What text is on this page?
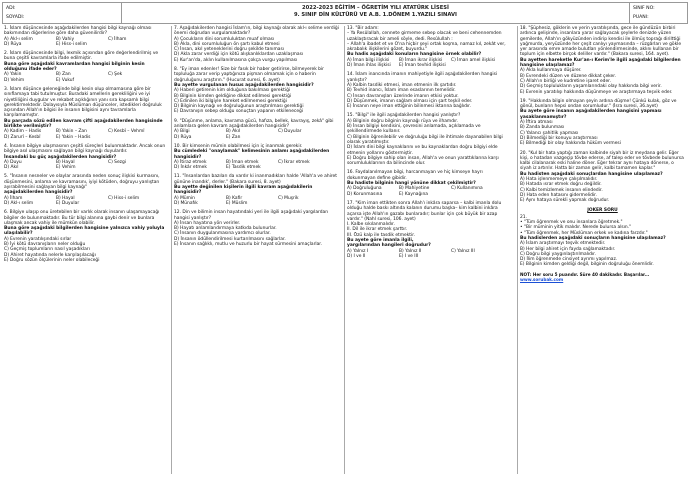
ADI:
SOYADI:
2022-2023 EĞİTİM – ÖĞRETİM YILI ATATÜRK LİSESİ
9. SINIF DİN KÜLTÜRÜ VE A.B. 1.DÖNEM 1.YAZILI SINAVI
SINIF NO:
PUANI:

1. İslam düşüncesinde aşağıdakilerden hangisi bilgi kaynağı olması bakımından diğerlerine göre daha güvenilirdir?

A) Akl-ı selim	B) Vahiy	C) İlham

D) Rüya	E) Hiss-i selim

2. İslam düşüncesinde bilgi, lexmik açısından göre değerlendirilmiş ve buna çeşitli kavramlarla ifade edilmiştir.

Buna göre aşağıdaki kavramlardan hangisi bilginin kesin olduğunu ifade eder?

A) Yakin	B) Zan	C) Şek

D) Vehim	E) Vukuf

3. İslam düşünce geleneğinde bilgi kesin olup olmamasına göre bir sınıflamaya tabi tutulmuştur. Buradaki amellerin gerekliliğini ve iyi niyetliliğini duygular ve rekabet açıklığının yanı sıra kapsamlı bilgi gerektirmektedir. Dolayısıyla Müslüman düşünceler, istedikleri doğruluk açısından Allah'ın bilgisi ile insanın bilgisini aynı tavramlarla karşılamamıştır.

Bu parçada sözü edilen kavram çifti aşağıdakilerden hangisinde birlikte verilmiştir?

A) Kadim – Hadis	B) Yakin – Zan	C) Kesbî – Vehmî

D) Zarurî – Kesbî	E) Yakin – Hadis

4. İnsanın bilgiye ulaşmasının çeşitli süreçleri bulunmaktadır. Ancak onun bilgiye asıl ulaşmasını sağlayan bilgi kaynağı duyulardır.

İnsandaki bu güç aşağıdakilerden hangisidir?

A) Duyu	B) Hayal	C) Sezgi

D) Akıl	E) Vehim

5. "İnsanın nesneler ve olaylar arasında neden sonuç ilişkisi kurmasını, düşünmesini, anlama ve kavramasını, iyiyi kötüden, doğruyu yanlıştan ayırabilmesini sağlayan bilgi kaynağı"

aşağıdakilerden hangisidir?

A) İlham	B) Hayal	C) Hiss-i selim

D) Akl-ı selim	E) Duyular

6. Bilgiye ulaşıp onu üretebilen bir varlık olarak insanın ulaşamayacağı bilgiler de bulunmaktadır. Bu tür bilgi alanına gaybi denir ve bunlara ulaşmak ancak vahiy ile mümkün olabilir.

Buna göre aşağıdaki bilgilerden hangisine yalnızca vahiy yoluyla ulaşılabilir?

A) Evrenin yaratılışındaki sırlar

B) İyi kötü davranışların neler olduğu

C) Geçmiş toplumların nasıl yaşadıkları

D) Ahiret hayatında nelerle karşılaşılacağı

E) Doğru sözün ölçülerinin neler olabileceği

7. Aşağıdakilerden hangisi İslam'ın, bilgi kaynağı olarak akl-ı selime verdiği önemi doğrudan vurgulamaktadır?

A) Çocukların dini sorumluluktan muaf olması

B) Akla, dini sorumluluğun ön şartı kabul etmesi

C) İnsan, akıl yeteneklerini doğru şekilde tanıması

D) Akla zarar verdiği için kötü alışkanlıklardan uzaklaşması

E) Kur'an'da, aklın kullanılmasına çokça vurgu yapılması

8. "Ey iman edenler! Size bir fasık bir haber getirirse, bilmeyerek bir topluluğa zarar verip yaptığınıza pişman olmamak için o haberin doğruluğunu araştırın." (Hucurat suresi, 6. ayet)

Bu ayette vurgulanan husus aşağıdakilerden hangisidir?

A) Haberi getirenin kim olduğuna bakılması gerektiği

B) Bilginin kimden geldiğine dikkat edilmesi gerektiği

C) Edinilen iki bilgiyle hareket edilmemesi gerektiği

D) Bilginin kaynağı ve doğruluğunun araştırılması gerektiği

E) Davranışın sebep olduğu sonuçtan yapanın etkileneceği

9. "Düşünme, anlama, kavrama gücü, hafıza, bellek, kavrayış, zekâ" gibi anlamlara gelen kavram aşağıdakilerden hangisidir?

A) Bilgi	B) Akıl	C) Duyular

D) Rüya	E) Zan

10. Bir kimsenin mümin olabilmesi için iç inanmak gerekir.

Bu cümledeki "onaylamak" kelimesinin anlamı aşağıdakilerden hangisidir?

A) İtiraz etmek	B) İman etmek	C) İkrar etmek

D) İnkâr etmek	E) Tasdik etmek

11. "İnsanlardan bazıları da vardır ki inanmadıkları halde 'Allah'a ve ahiret gününe inandık', derler." (Bakara suresi, 8. ayet)

Bu ayette değinilen kişilerin ilgili kavram aşağıdakilerin hangisidir?

A) Mümin	B) Kafir	C) Muşrik

D) Münafık	E) Müslim

12. Din ve bilimin insan hayatındaki yeri ile ilgili aşağıdaki yargılardan hangisi yanlıştır?

A) İnsan hayatına yön verirler.

B) Hayatı anlamlandırmaya katkıda bulunurlar.

C) İnsanın duygulanmasına yardımcı olurlar.

D) İnsanın ödüllendirilmesi kurtarılmasını sağlarlar.

E) İnsanın sağlıklı, mutlu ve huzurlu bir hayat sürmesini amaçlarlar.

13. "Bir adam:

– Ya Resûlallah, cennete girmeme sebep olacak ve beni cehennemden uzaklaştıracak bir ameli söyle, dedi. Resûlullah :

– Allah'a ibadet et ve O'na hiçbir şeyi ortak koşma, namaz kıl, zekât ver, akrabalık ilişkilerini gözet, buyurdu."

Bu hadis aşağıdaki konuların hangisine örnek olabilir?

A) İman bilgi ilişkisi B) İman ikrar ilişkisi C) İman amel ilişkisi

D) İman ihlas ilişkisi E) İman tevhid ilişkisi

14. İslam inancında imanın mahiyetiyle ilgili aşağıdakilerden hangisi yanlıştır?

A) Kalbin tasdiki etmesi, iman etmenin ilk şartıdır.

B) Tevhid inancı, İslam iman esaslarının temelidir.

C) İnsan davranışları üzerinde imanın etkisi yoktur.

D) Düşünmek, imanın sağlam olması için şart teşkil eder.

E) İnsanın neye iman ettiğinin bilinmesi iktarına bağlıdır.

15. "Bilgi" ile ilgili aşağıdakilerden hangisi yanlıştır?

A) Bilginin doğru bilginin kaynağı rüya ve ilhamdır.

B) İnsan bilgiyi kendisini, çevresini anlamada, açıklamada ve şekillendirmede kullanır.

C) Bilginin öğrenilebilir ve doğruluğu bilgi ile ihtimale dayanabilen bilgi olarak yaratılmıştır.

D) İslam dini bilgi kaynaklarını ve bu kaynaklardan doğru bilgiyi elde etmenin yollarını göstermiştir.

E) Doğru bilgiye sahip olan insan, Allah'a ve onun yarattıklarına karşı sorumluluklarının da bilincinde olur.

16. Faydalanılmayan bilgi, harcanmayan ve hiç kimseye hayrı dokunmayan define gibidir.

Bu hadiste bilginin hangi yönüne dikkat çekilmiştir?

A) Doğruluğuna	B) Mahiyetine	C) Kullanımına

D) Korunmasına	E) Kaynağına

17. "Kim iman ettikten sonra Allah'ı inkâra saparsa – kalbi imanla dolu olduğu halde baskı altında kalanın durumu başka– kim kalbini inkâra açarsa işte Allah'ın gazabı bunlaradır; bunlar için çok büyük bir azap vardır." (Nahl suresi, 106. ayet)

I. Kalbe sıkılanmalıdır.

II. Dil ile ikrar etmek şarttır.

III. Özü kalp ile tasdik etmektir.

Bu ayete göre imanla ilgili,

yargılarından hangileri doğrudur?

A) Yalnız I	B) Yalnız II	C) Yalnız III

D) I ve II	E) I ve III

18. "Şüphesiz, göklerin ve yerin yaratılışında, gece ile gündüzün birbiri ardınca gelişinde, insanlara yarar sağlayacak şeylerle denizde yüzen gemilerde, Allah'ın gökyüzünden indirip kendisi ile ölmüş toprağı dirilttiği yağmurda, yeryüzünde her çeşit canlıyı yaymasında – rüzgârları ve gökle yer arasında emre amade bulutları yönlendirmesinde, aklını kullanan bir toplum için elbette birçok deliller vardır." (Bakara suresi, 164. ayet).

Bu ayetten hareketle Kur'an-ı Kerim'le ilgili aşağıdaki bilgilerden hangisine ulaşılamaz?

A) Akla kullanmaya düşürer.

B) Evrendeki düzen ve düzene dikkat çeker.

C) Allah'ın birliği ve kudretine işaret eder.

D) Geçmiş toplulukların yaşamlarındaki olay hakkında bilgi verir.

E) Evrenin yaratılışı hakkında düşünmeye ve araştırmaya teşvik eder.

19. "Hakkında bilgin olmayan şeyin ardına düşme! Çünkü kulak, göz ve gönül, bunların hepsi ondan sorumludur." (İsra suresi, 36.ayet)

Bu ayete göre insanın aşağıdakilerden hangisini yapması yasaklanmamıştır?

A) İftira atması

B) Zanda bulunması

C) Yalancı şahitlik yapması

D) Bilmediği bir konuyu araştırması

E) Bilmediği bir olay hakkında hüküm vermesi

20. "Kul bir hata yaptığı zaman kalbinde siyah bir iz meydana gelir. Eğer kişi, o hatadan vazgeçip tövbe ederse, af talep eder ve tövbede bulunursa kalbi cilalanarak eski haline döner. Eğer tekrar aynı hataya dönerse, o siyah iz artırılır. Hatta bir zaman gelir, kalbi tamamen kaplar."

Bu hadisten aşağıdaki sonuçlardan hangisine ulaşılamaz?

A) Hata işlenmemeye çalışılmalıdır.

B) Hatada ısrar etmek doğru değildir.

C) Kalbi temizlemek insanın elindedir.

D) Hata eden hatasını gidermelidir.

E) Aynı hataya sürekli yapmak doğrudur.

JOKER SORU

21.

• "Tüm öğrenmek ve onu insanlara öğretmek."

• "Bir müminin yitik malıdır. Nerede bulursa alsın."

• "Tüm öğrenmek, her Müslüman erkek ve kadına farzdır."

Bu hadislerden aşağıdaki sonuçların hangisine ulaşılamaz?

A) İslam araştırmayı teşvik etmektedir.

B) Her bilgi ahiret için fayda sağlamaktadır.

C) Doğru bilgi yaygınlaştırılmalıdır.

D) İlim öğrenmede cinsiyet ayrımı yapılmaz.

E) Bilginin kimden geldiği değil, bilginin doğruluğu önemlidir.

NOT: Her soru 5 puandır. Süre 40 dakikadır. Başarılar... www.sorubak.com
